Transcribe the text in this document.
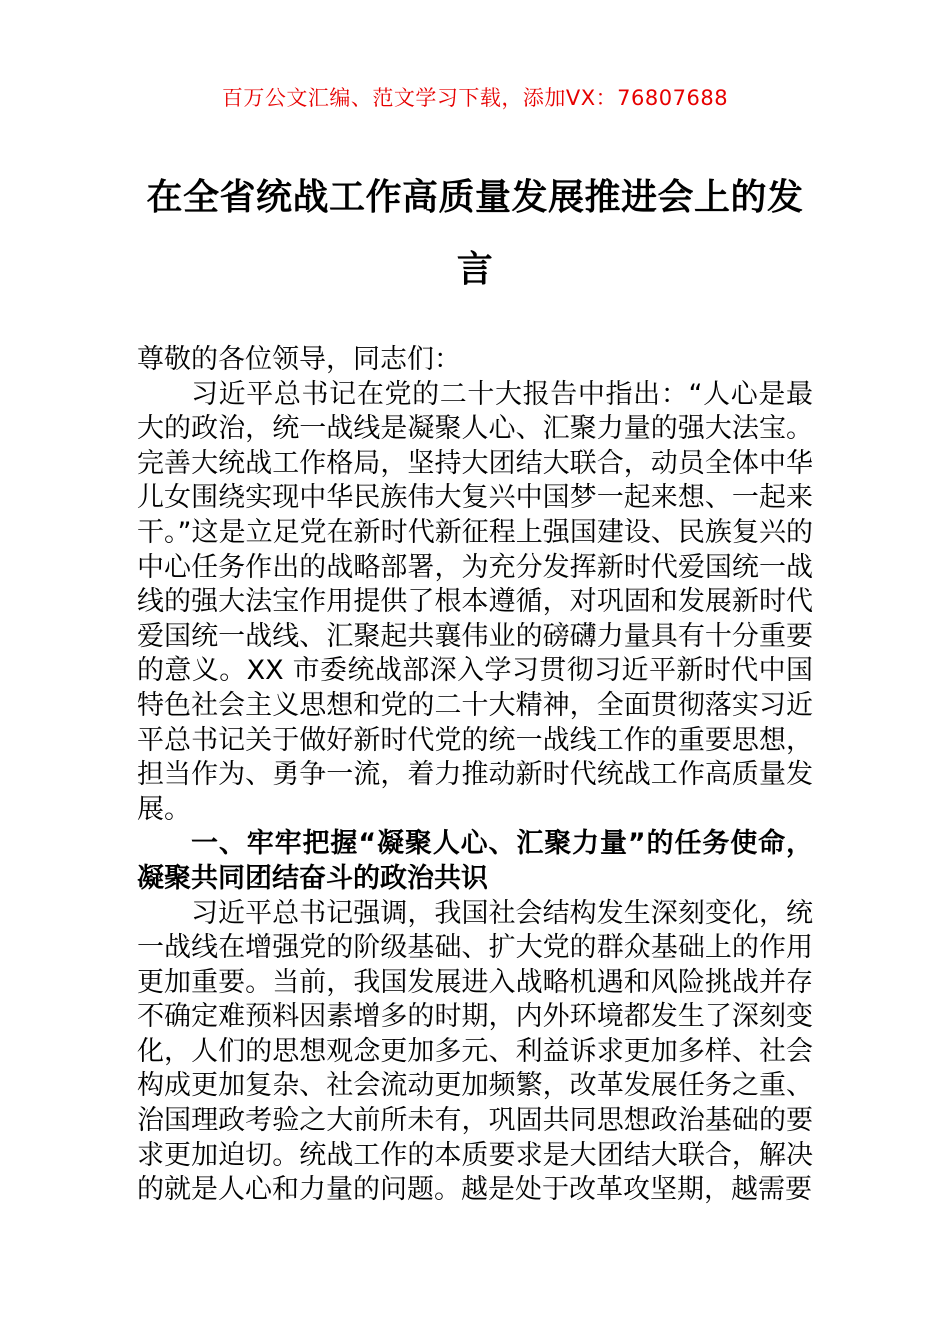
百万公文汇编、范文学习下载，添加VX：76807688
在全省统战工作高质量发展推进会上的发言

尊敬的各位领导，同志们：

习近平总书记在党的二十大报告中指出：“人心是最大的政治，统一战线是凝聚人心、汇聚力量的强大法宝。完善大统战工作格局，坚持大团结大联合，动员全体中华儿女围绕实现中华民族伟大复兴中国梦一起来想、一起来干。”这是立足党在新时代新征程上强国建设、民族复兴的中心任务作出的战略部署，为充分发挥新时代爱国统一战线的强大法宝作用提供了根本遵循，对巩固和发展新时代爱国统一战线、汇聚起共襄伟业的磅礴力量具有十分重要的意义。XX 市委统战部深入学习贯彻习近平新时代中国特色社会主义思想和党的二十大精神，全面贯彻落实习近平总书记关于做好新时代党的统一战线工作的重要思想，担当作为、勇争一流，着力推动新时代统战工作高质量发展。

一、牢牢把握“凝聚人心、汇聚力量”的任务使命，凝聚共同团结奋斗的政治共识

习近平总书记强调，我国社会结构发生深刻变化，统一战线在增强党的阶级基础、扩大党的群众基础上的作用更加重要。当前，我国发展进入战略机遇和风险挑战并存不确定难预料因素增多的时期，内外环境都发生了深刻变化，人们的思想观念更加多元、利益诉求更加多样、社会构成更加复杂、社会流动更加频繁，改革发展任务之重、治国理政考验之大前所未有，巩固共同思想政治基础的要求更加迫切。统战工作的本质要求是大团结大联合，解决的就是人心和力量的问题。越是处于改革攻坚期，越需要
